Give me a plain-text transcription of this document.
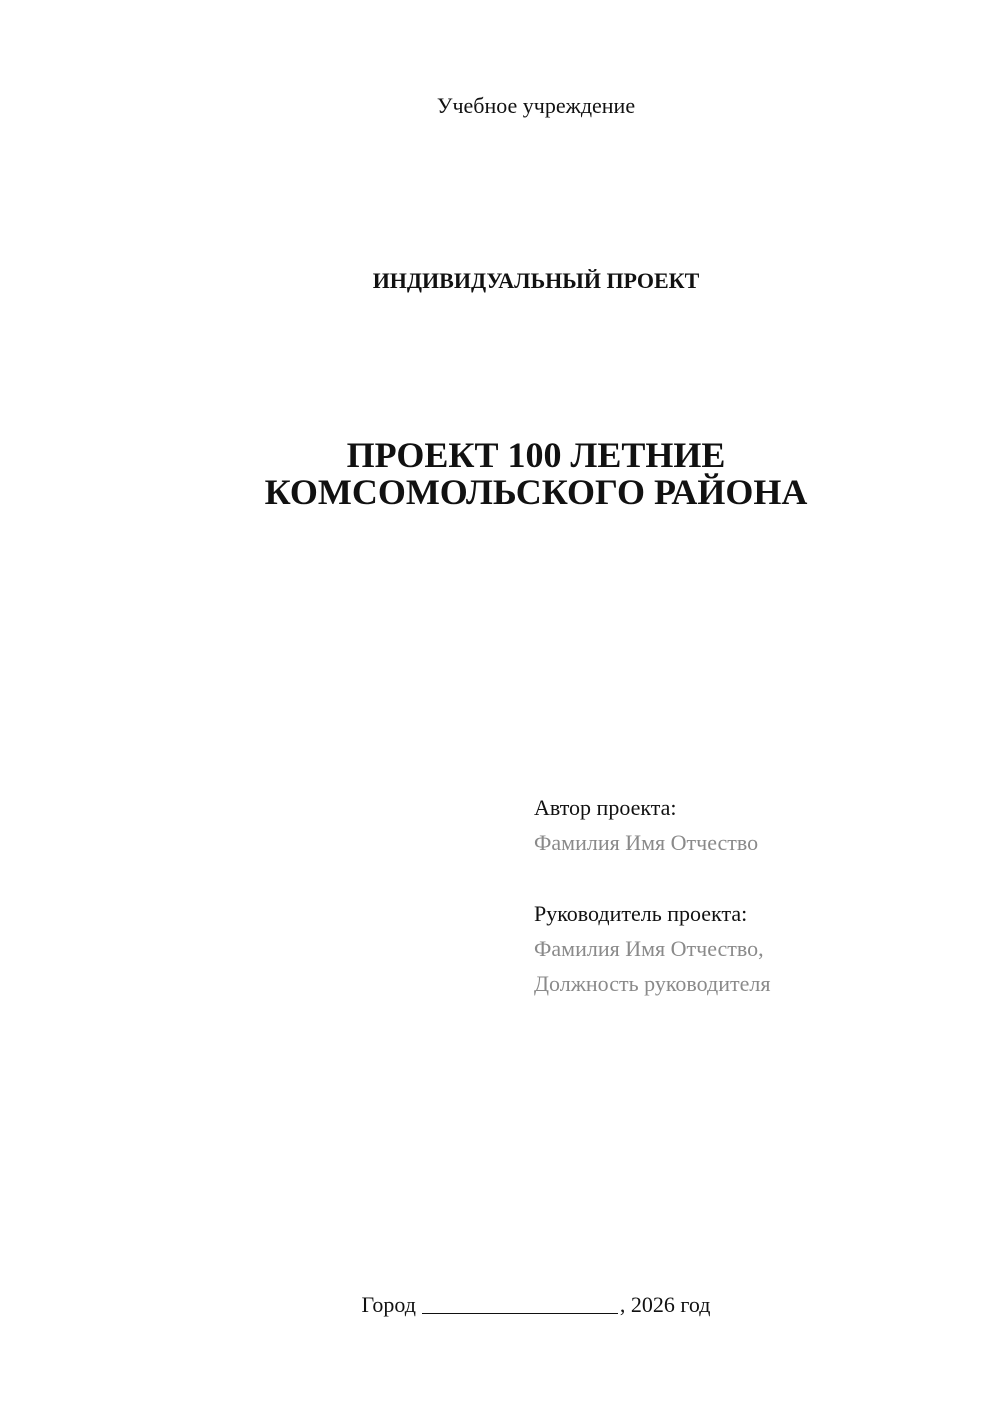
Учебное учреждение
ИНДИВИДУАЛЬНЫЙ ПРОЕКТ
ПРОЕКТ 100 ЛЕТНИЕ
КОМСОМОЛЬСКОГО РАЙОНА
Автор проекта:
Фамилия Имя Отчество
Руководитель проекта:
Фамилия Имя Отчество,
Должность руководителя
Город	, 2026 год
